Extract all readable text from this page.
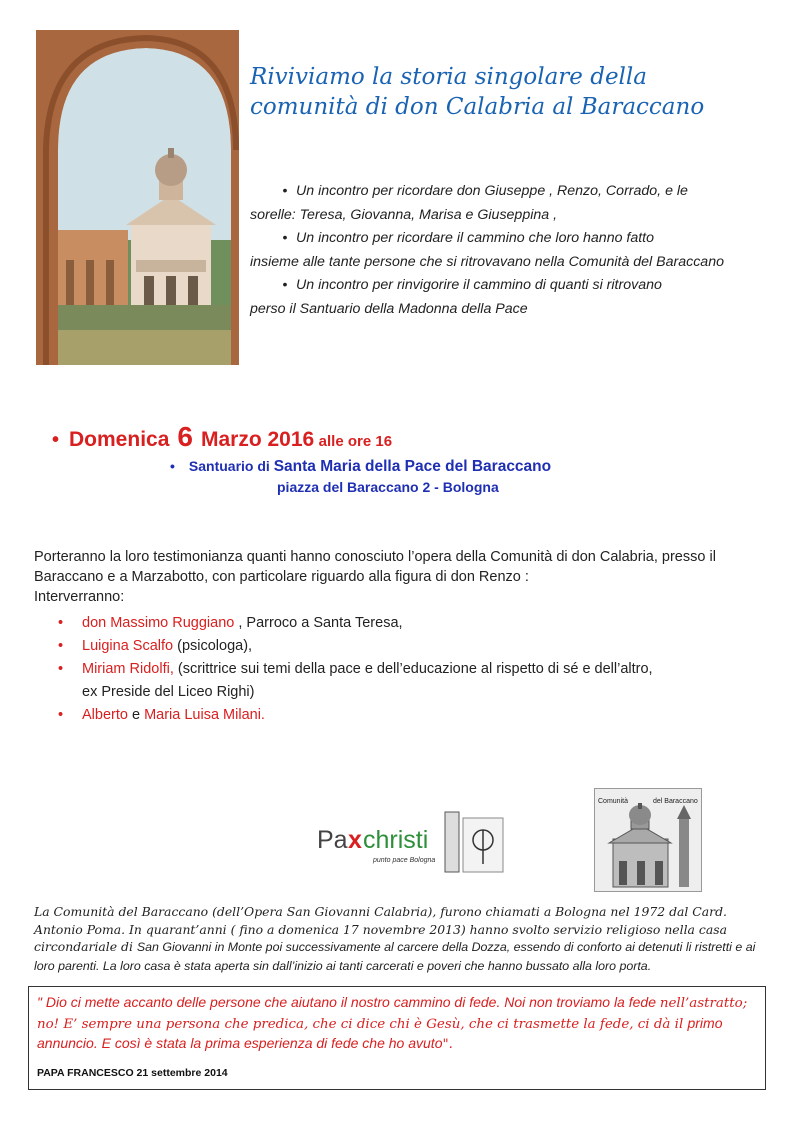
Riviviamo la storia singolare della
comunità di don Calabria al Baraccano

• Un incontro per ricordare don Giuseppe , Renzo, Corrado, e le
sorelle: Teresa, Giovanna, Marisa e Giuseppina ,

• Un incontro per ricordare il cammino che loro hanno fatto
insieme alle tante persone che si ritrovavano nella Comunità del Baraccano

• Un incontro per rinvigorire il cammino di quanti si ritrovano
perso il Santuario della Madonna della Pace

• Domenica 6 Marzo 2016 alle ore 16
• Santuario di Santa Maria della Pace del Baraccano
piazza del Baraccano 2 - Bologna

Porteranno la loro testimonianza quanti hanno conosciuto l’opera della Comunità di don Calabria, presso il Baraccano e a Marzabotto, con particolare riguardo alla figura di don Renzo :

Interverranno:

• don Massimo Ruggiano , Parroco a Santa Teresa,
• Luigina Scalfo (psicologa),
• Miriam Ridolfi, (scrittrice sui temi della pace e dell’educazione al rispetto di sé e dell’altro,
ex Preside del Liceo Righi)
• Alberto e Maria Luisa Milani.
Pa x christi
punto pace Bologna
Comunità	del Baraccano
La Comunità del Baraccano (dell’Opera San Giovanni Calabria), furono chiamati a Bologna nel 1972 dal Card. Antonio Poma. In quarant’anni ( fino a domenica 17 novembre 2013) hanno svolto servizio religioso nella casa circondariale di San Giovanni in Monte poi successivamente al carcere della Dozza, essendo di conforto ai detenuti li ristretti e ai loro parenti. La loro casa è stata aperta sin dall’inizio ai tanti carcerati e poveri che hanno bussato alla loro porta.
" Dio ci mette accanto delle persone che aiutano il nostro cammino di fede. Noi non troviamo la fede nell’astratto; no! E’ sempre una persona che predica, che ci dice chi è Gesù, che ci trasmette la fede, ci dà il primo annuncio. E così è stata la prima esperienza di fede che ho avuto".
PAPA FRANCESCO 21 settembre 2014
